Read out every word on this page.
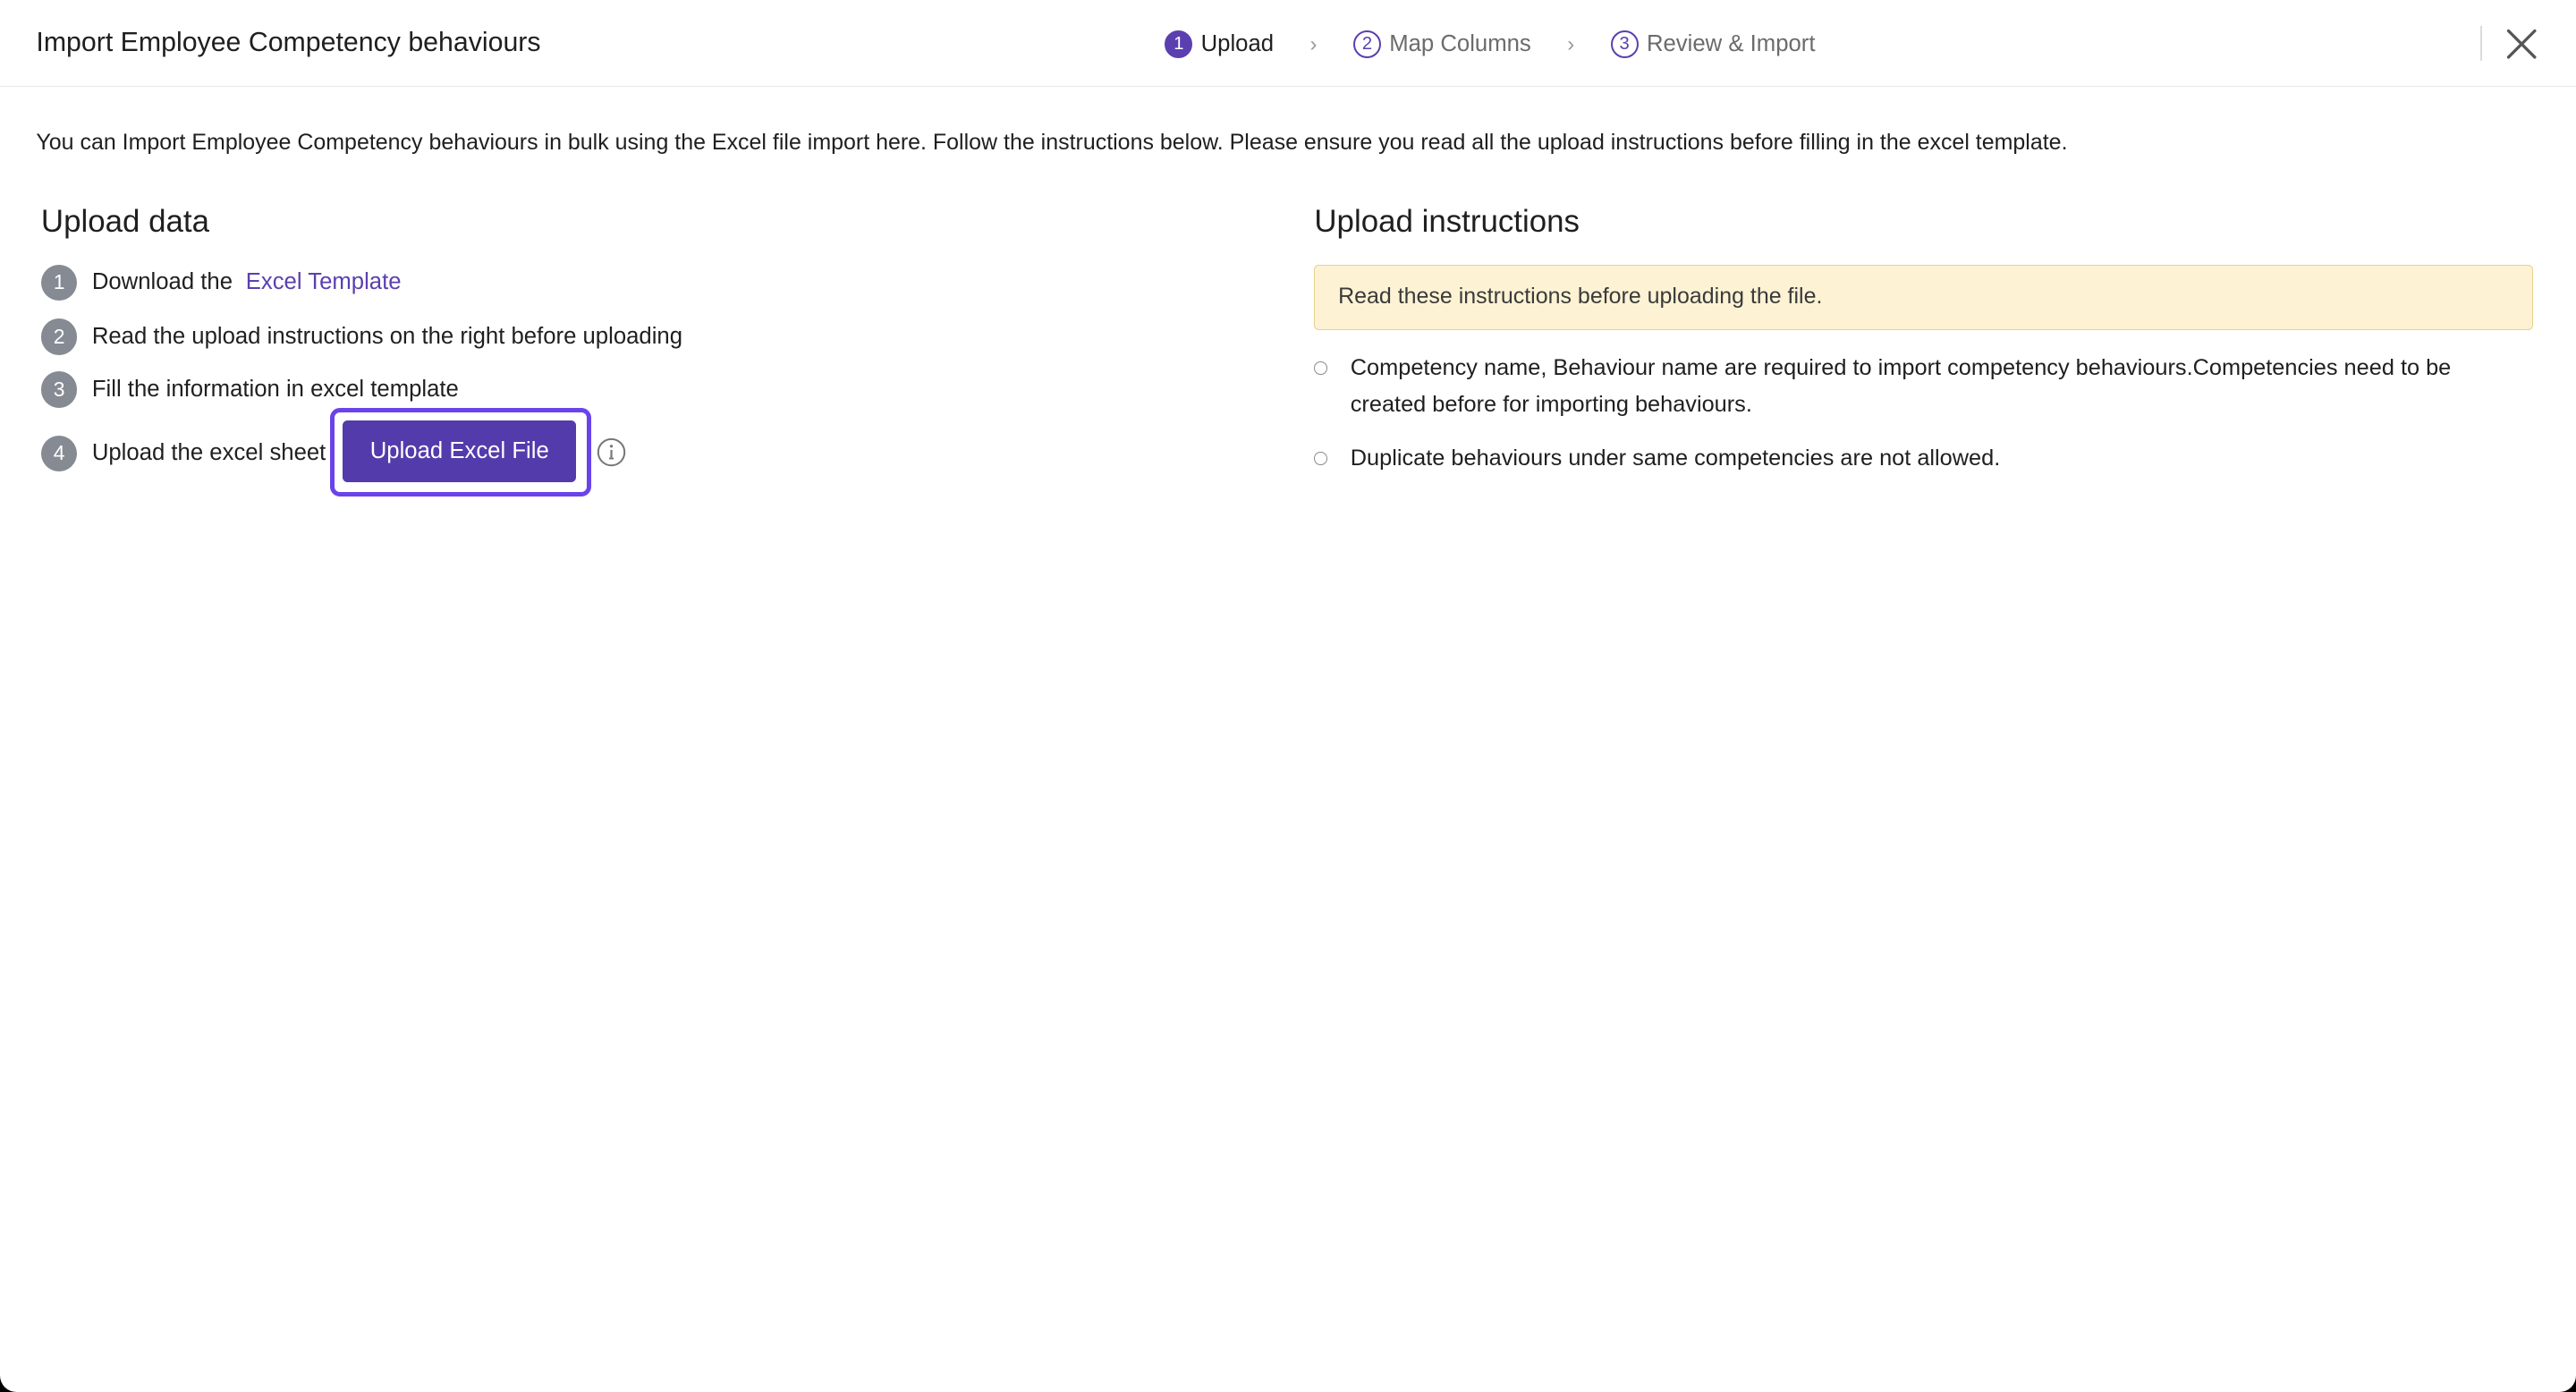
Import Employee Competency behaviours	1	Upload	›	2	Map Columns	›	3	Review & Import
You can Import Employee Competency behaviours in bulk using the Excel file import here. Follow the instructions below. Please ensure you read all the upload instructions before filling in the excel template.
Upload data
1	Download the Excel Template
2	Read the upload instructions on the right before uploading
3	Fill the information in excel template
4	Upload the excel sheet	Upload Excel File
Upload instructions
Read these instructions before uploading the file.
Competency name, Behaviour name are required to import competency behaviours.Competencies need to be created before for importing behaviours.
Duplicate behaviours under same competencies are not allowed.
